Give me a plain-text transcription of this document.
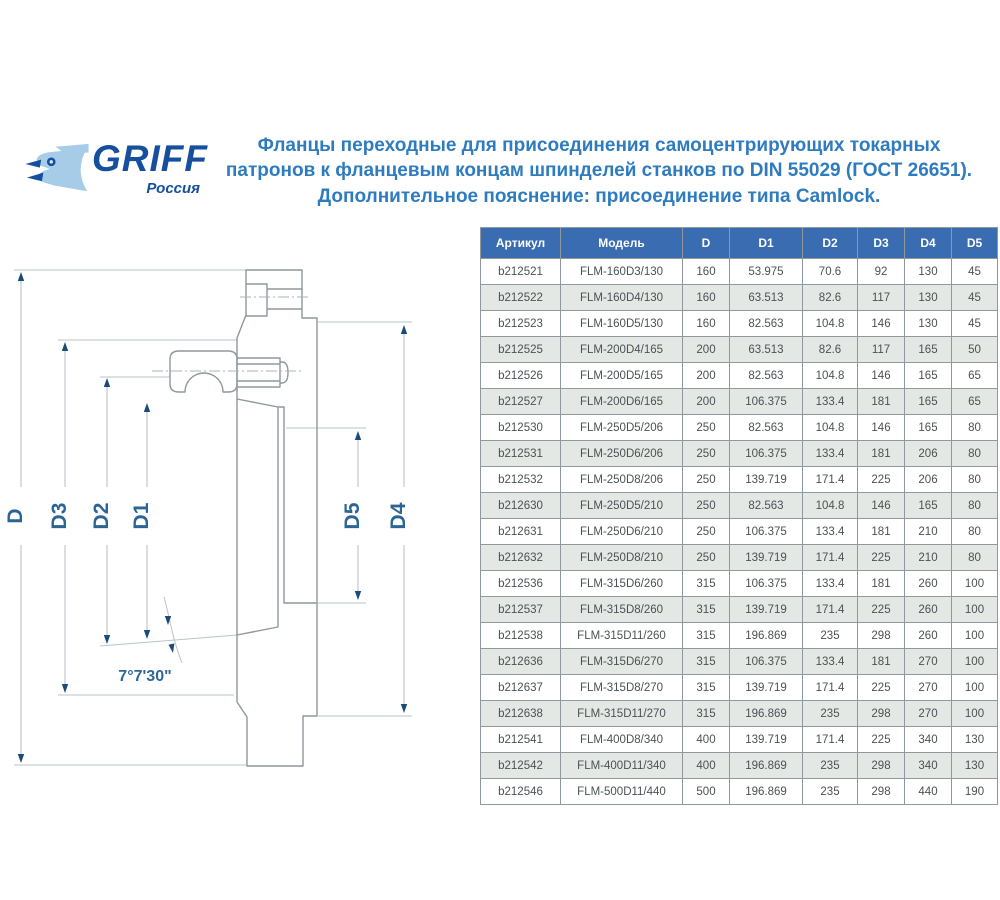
GRIFF
Россия
Фланцы переходные для присоединения самоцентрирующих токарных
патронов к фланцевым концам шпинделей станков по DIN 55029 (ГОСТ 26651).
Дополнительное пояснение: присоединение типа Camlock.
D D3 D2 D1	D5 D4
7°7'30"
Артикул	Модель	D	D1	D2	D3	D4	D5
b212521	FLM-160D3/130	160	53.975	70.6	92	130	45
b212522	FLM-160D4/130	160	63.513	82.6	117	130	45
b212523	FLM-160D5/130	160	82.563	104.8	146	130	45
b212525	FLM-200D4/165	200	63.513	82.6	117	165	50
b212526	FLM-200D5/165	200	82.563	104.8	146	165	65
b212527	FLM-200D6/165	200	106.375	133.4	181	165	65
b212530	FLM-250D5/206	250	82.563	104.8	146	165	80
b212531	FLM-250D6/206	250	106.375	133.4	181	206	80
b212532	FLM-250D8/206	250	139.719	171.4	225	206	80
b212630	FLM-250D5/210	250	82.563	104.8	146	165	80
b212631	FLM-250D6/210	250	106.375	133.4	181	210	80
b212632	FLM-250D8/210	250	139.719	171.4	225	210	80
b212536	FLM-315D6/260	315	106.375	133.4	181	260	100
b212537	FLM-315D8/260	315	139.719	171.4	225	260	100
b212538	FLM-315D11/260	315	196.869	235	298	260	100
b212636	FLM-315D6/270	315	106.375	133.4	181	270	100
b212637	FLM-315D8/270	315	139.719	171.4	225	270	100
b212638	FLM-315D11/270	315	196.869	235	298	270	100
b212541	FLM-400D8/340	400	139.719	171.4	225	340	130
b212542	FLM-400D11/340	400	196.869	235	298	340	130
b212546	FLM-500D11/440	500	196.869	235	298	440	190
